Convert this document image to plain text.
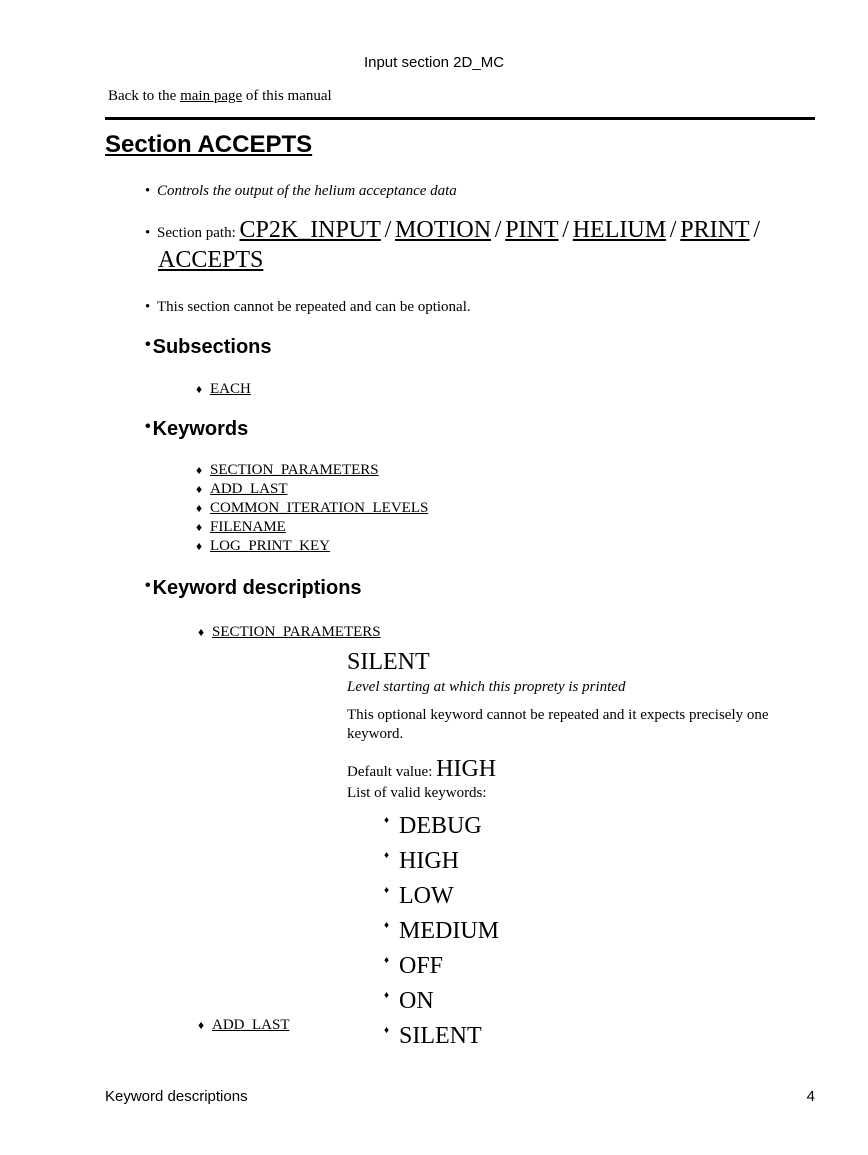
Input section 2D_MC
Back to the main page of this manual
Section ACCEPTS
• Controls the output of the helium acceptance data
• Section path: CP2K_INPUT / MOTION / PINT / HELIUM / PRINT /
ACCEPTS
• This section cannot be repeated and can be optional.
• Subsections
♦ EACH
• Keywords
♦ SECTION_PARAMETERS
♦ ADD_LAST
♦ COMMON_ITERATION_LEVELS
♦ FILENAME
♦ LOG_PRINT_KEY
• Keyword descriptions
♦ SECTION_PARAMETERS
SILENT
Level starting at which this proprety is printed
This optional keyword cannot be repeated and it expects precisely one keyword.
Default value: HIGH
List of valid keywords:
♦ DEBUG
♦ HIGH
♦ LOW
♦ MEDIUM
♦ OFF
♦ ON
♦ SILENT
♦ ADD_LAST
Keyword descriptions	4
